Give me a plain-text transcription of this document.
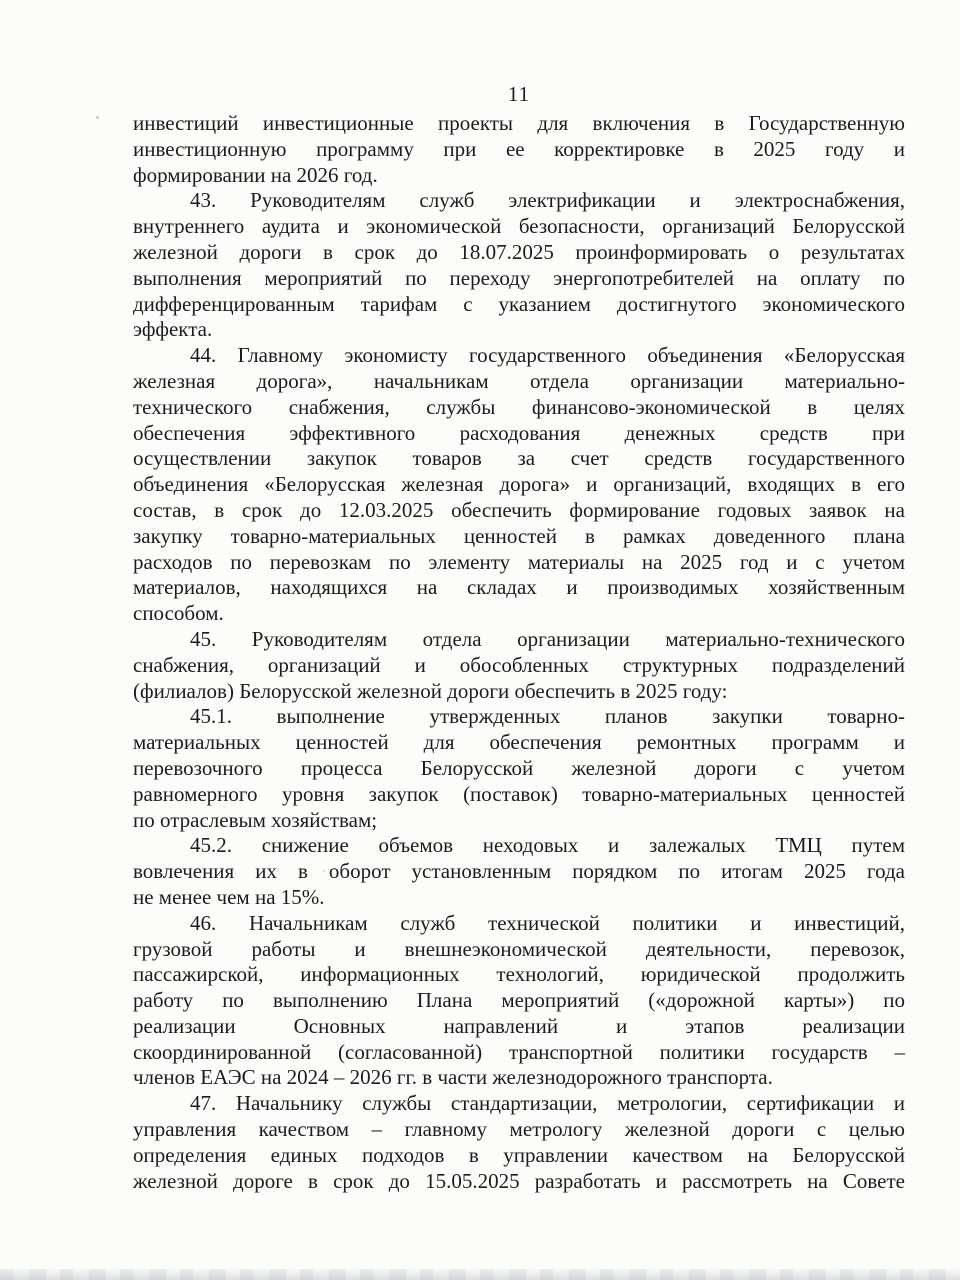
11

инвестиций инвестиционные проекты для включения в Государственную
инвестиционную программу при ее корректировке в 2025 году и
формировании на 2026 год.

43. Руководителям служб электрификации и электроснабжения,
внутреннего аудита и экономической безопасности, организаций Белорусской
железной дороги в срок до 18.07.2025 проинформировать о результатах
выполнения мероприятий по переходу энергопотребителей на оплату по
дифференцированным тарифам с указанием достигнутого экономического
эффекта.

44. Главному экономисту государственного объединения «Белорусская
железная дорога», начальникам отдела организации материально-
технического снабжения, службы финансово-экономической в целях
обеспечения эффективного расходования денежных средств при
осуществлении закупок товаров за счет средств государственного
объединения «Белорусская железная дорога» и организаций, входящих в его
состав, в срок до 12.03.2025 обеспечить формирование годовых заявок на
закупку товарно-материальных ценностей в рамках доведенного плана
расходов по перевозкам по элементу материалы на 2025 год и с учетом
материалов, находящихся на складах и производимых хозяйственным
способом.

45. Руководителям отдела организации материально-технического
снабжения, организаций и обособленных структурных подразделений
(филиалов) Белорусской железной дороги обеспечить в 2025 году:

45.1. выполнение утвержденных планов закупки товарно-
материальных ценностей для обеспечения ремонтных программ и
перевозочного процесса Белорусской железной дороги с учетом
равномерного уровня закупок (поставок) товарно-материальных ценностей
по отраслевым хозяйствам;

45.2. снижение объемов неходовых и залежалых ТМЦ путем
вовлечения их в оборот установленным порядком по итогам 2025 года
не менее чем на 15%.

46. Начальникам служб технической политики и инвестиций,
грузовой работы и внешнеэкономической деятельности, перевозок,
пассажирской, информационных технологий, юридической продолжить
работу по выполнению Плана мероприятий («дорожной карты») по
реализации Основных направлений и этапов реализации
скоординированной (согласованной) транспортной политики государств –
членов ЕАЭС на 2024 – 2026 гг. в части железнодорожного транспорта.

47. Начальнику службы стандартизации, метрологии, сертификации и
управления качеством – главному метрологу железной дороги с целью
определения единых подходов в управлении качеством на Белорусской
железной дороге в срок до 15.05.2025 разработать и рассмотреть на Совете
